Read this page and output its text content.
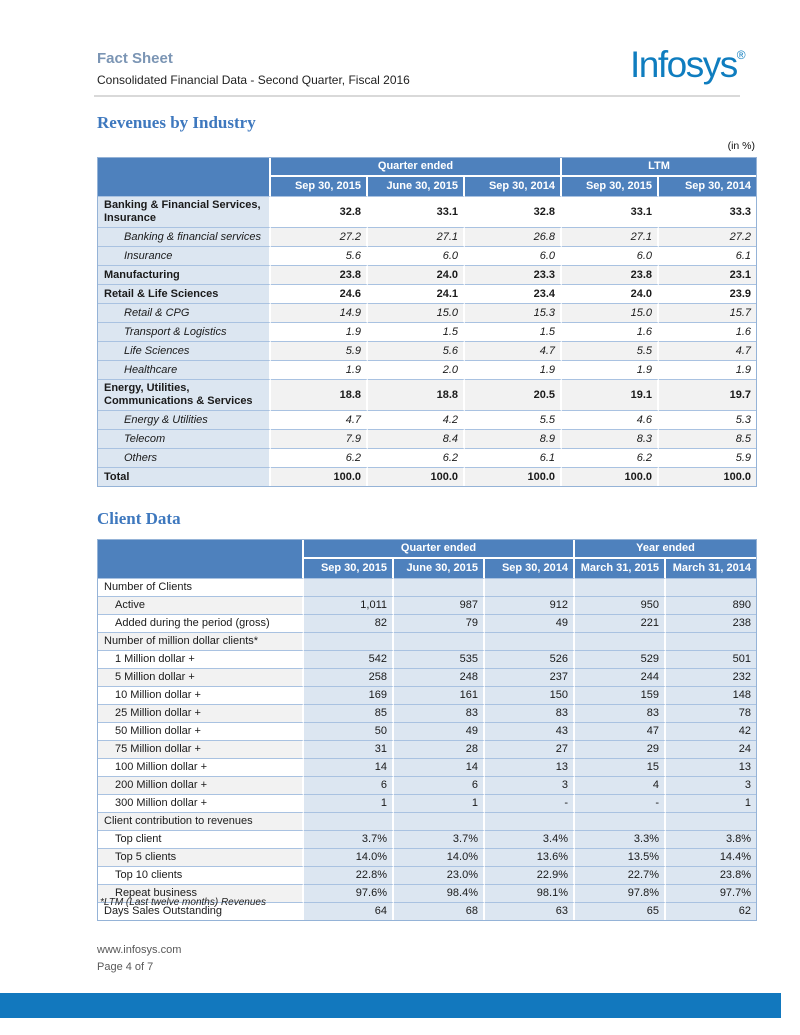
Fact Sheet
Consolidated Financial Data - Second Quarter, Fiscal 2016	Infosys®
Revenues by Industry
(in %)
	Quarter ended			LTM	
	Sep 30, 2015	June 30, 2015	Sep 30, 2014	Sep 30, 2015	Sep 30, 2014
Banking & Financial Services, Insurance	32.8	33.1	32.8	33.1	33.3
Banking & financial services	27.2	27.1	26.8	27.1	27.2
Insurance	5.6	6.0	6.0	6.0	6.1
Manufacturing	23.8	24.0	23.3	23.8	23.1
Retail & Life Sciences	24.6	24.1	23.4	24.0	23.9
Retail & CPG	14.9	15.0	15.3	15.0	15.7
Transport & Logistics	1.9	1.5	1.5	1.6	1.6
Life Sciences	5.9	5.6	4.7	5.5	4.7
Healthcare	1.9	2.0	1.9	1.9	1.9
Energy, Utilities, Communications & Services	18.8	18.8	20.5	19.1	19.7
Energy & Utilities	4.7	4.2	5.5	4.6	5.3
Telecom	7.9	8.4	8.9	8.3	8.5
Others	6.2	6.2	6.1	6.2	5.9
Total	100.0	100.0	100.0	100.0	100.0
Client Data
	Quarter ended			Year ended	
	Sep 30, 2015	June 30, 2015	Sep 30, 2014	March 31, 2015	March 31, 2014
Number of Clients					
Active	1,011	987	912	950	890
Added during the period (gross)	82	79	49	221	238
Number of million dollar clients*					
1 Million dollar +	542	535	526	529	501
5 Million dollar +	258	248	237	244	232
10 Million dollar +	169	161	150	159	148
25 Million dollar +	85	83	83	83	78
50 Million dollar +	50	49	43	47	42
75 Million dollar +	31	28	27	29	24
100 Million dollar +	14	14	13	15	13
200 Million dollar +	6	6	3	4	3
300 Million dollar +	1	1	-	-	1
Client contribution to revenues					
Top client	3.7%	3.7%	3.4%	3.3%	3.8%
Top 5 clients	14.0%	14.0%	13.6%	13.5%	14.4%
Top 10 clients	22.8%	23.0%	22.9%	22.7%	23.8%
Repeat business	97.6%	98.4%	98.1%	97.8%	97.7%
Days Sales Outstanding	64	68	63	65	62
*LTM (Last twelve months) Revenues
www.infosys.com
Page 4 of 7
